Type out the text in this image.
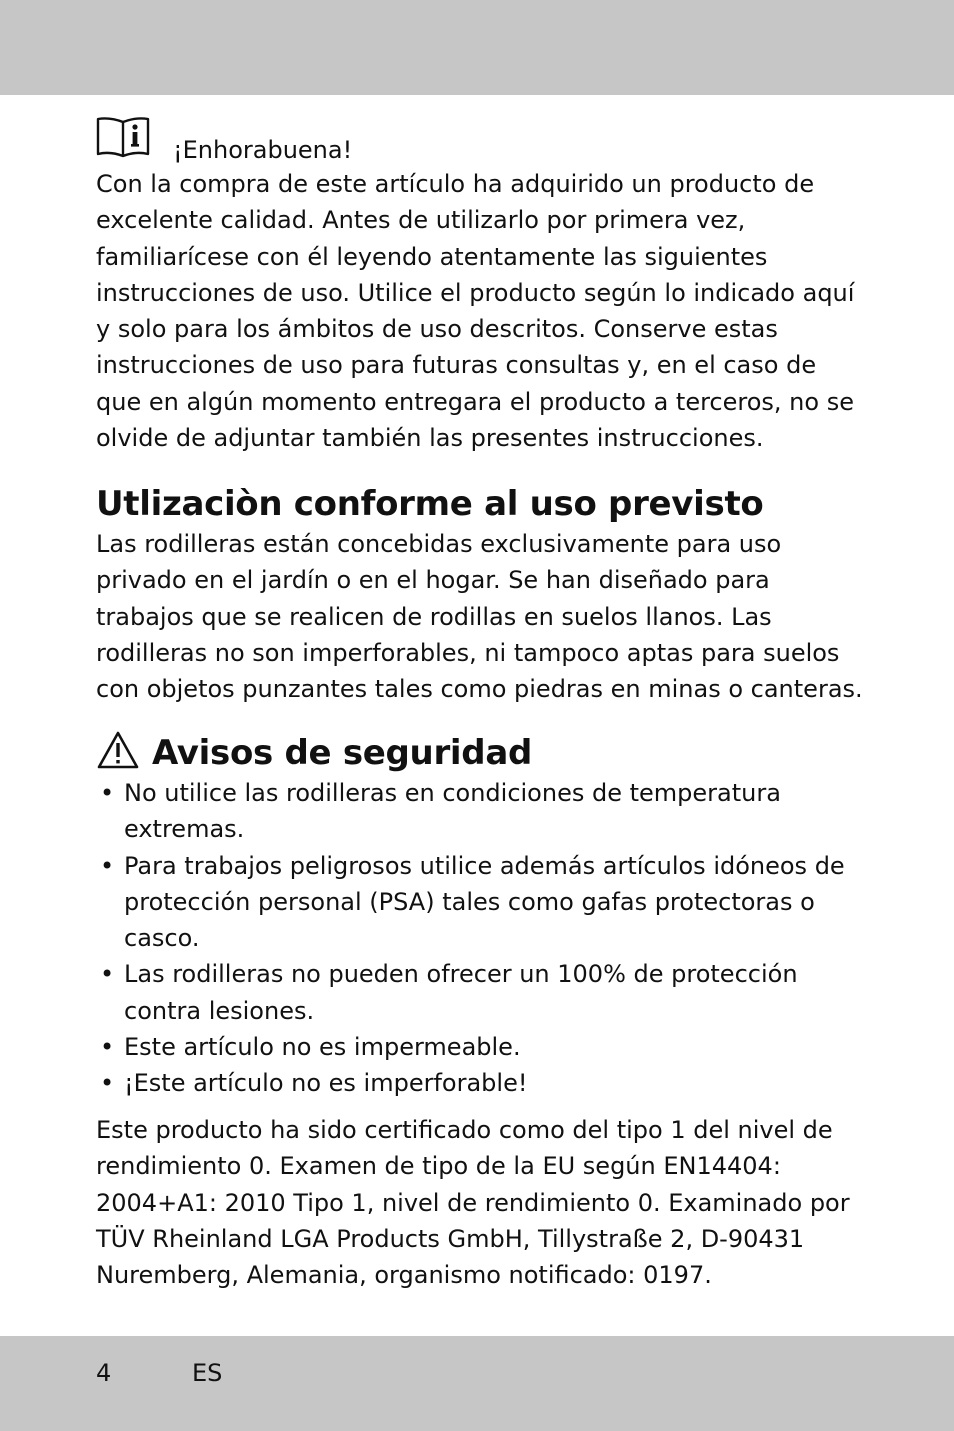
¡Enhorabuena!

Con la compra de este artículo ha adquirido un producto de excelente calidad. Antes de utilizarlo por primera vez, familiarícese con él leyendo atentamente las siguientes instrucciones de uso. Utilice el producto según lo indicado aquí y solo para los ámbitos de uso descritos. Conserve estas instrucciones de uso para futuras consultas y, en el caso de que en algún momento entregara el producto a terceros, no se olvide de adjuntar también las presentes instrucciones.

Utlizaciòn conforme al uso previsto

Las rodilleras están concebidas exclusivamente para uso privado en el jardín o en el hogar. Se han diseñado para trabajos que se realicen de rodillas en suelos llanos. Las rodilleras no son imperforables, ni tampoco aptas para suelos con objetos punzantes tales como piedras en minas o canteras.

Avisos de seguridad
• No utilice las rodilleras en condiciones de temperatura extremas.
• Para trabajos peligrosos utilice además artículos idóneos de protección personal (PSA) tales como gafas protectoras o casco.
• Las rodilleras no pueden ofrecer un 100% de protección contra lesiones.
• Este artículo no es impermeable.
• ¡Este artículo no es imperforable!

Este producto ha sido certificado como del tipo 1 del nivel de rendimiento 0. Examen de tipo de la EU según EN14404: 2004+A1: 2010 Tipo 1, nivel de rendimiento 0. Examinado por TÜV Rheinland LGA Products GmbH, Tillystraße 2, D-90431 Nuremberg, Alemania, organismo notificado: 0197.

4	ES
